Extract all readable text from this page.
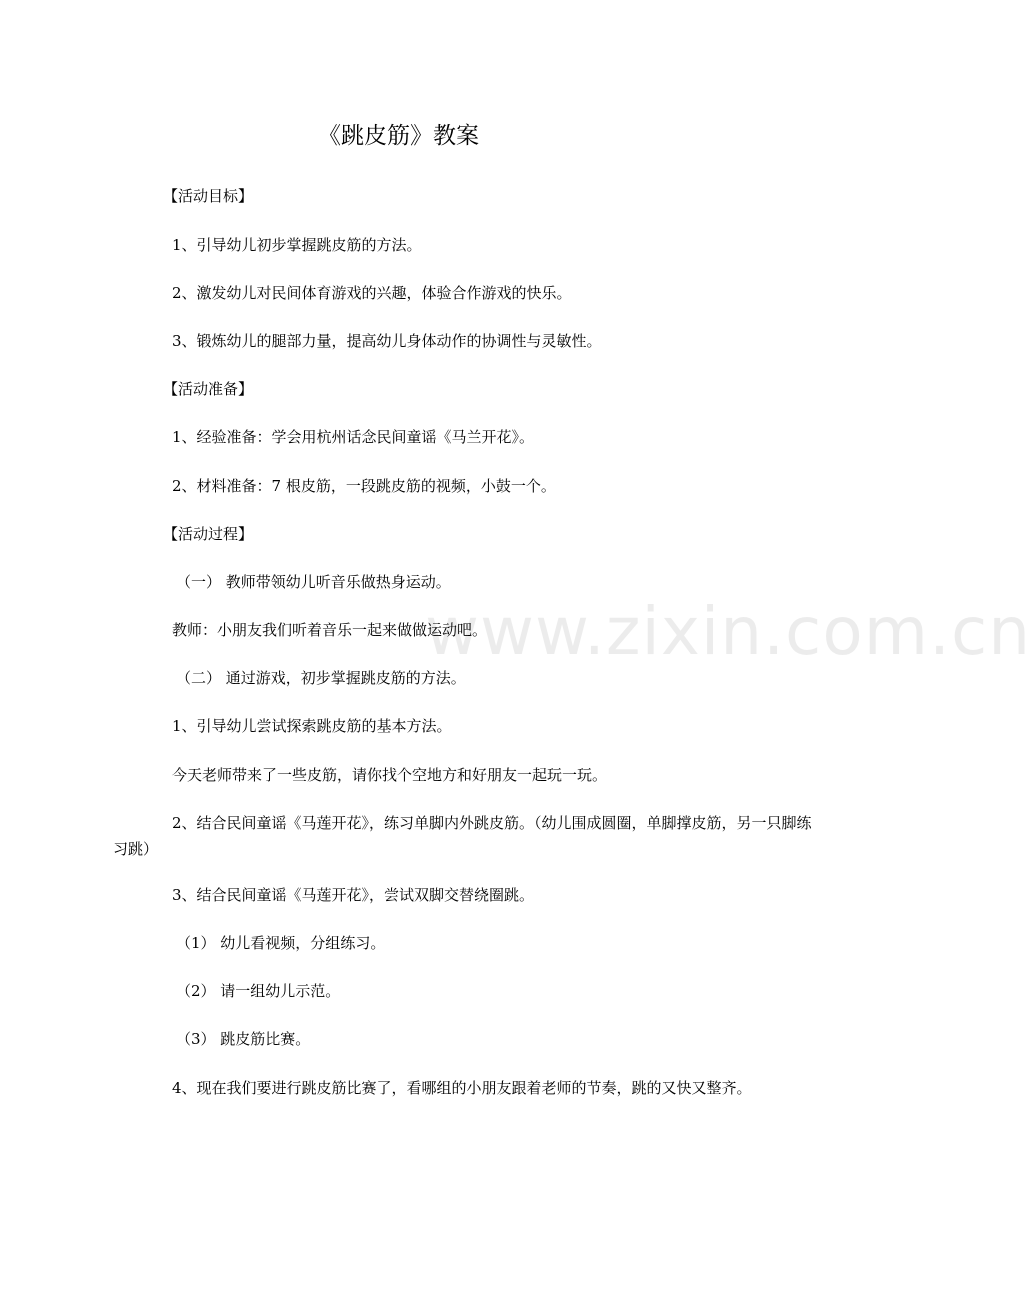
www.zixin.com.cn
《跳皮筋》教案
【活动目标】
1、引导幼儿初步掌握跳皮筋的方法。
2、激发幼儿对民间体育游戏的兴趣，体验合作游戏的快乐。
3、锻炼幼儿的腿部力量，提高幼儿身体动作的协调性与灵敏性。
【活动准备】
1、经验准备：学会用杭州话念民间童谣《马兰开花》。
2、材料准备：7 根皮筋，一段跳皮筋的视频，小鼓一个。
【活动过程】
（一） 教师带领幼儿听音乐做热身运动。
教师：小朋友我们听着音乐一起来做做运动吧。
（二） 通过游戏，初步掌握跳皮筋的方法。
1、引导幼儿尝试探索跳皮筋的基本方法。
今天老师带来了一些皮筋，请你找个空地方和好朋友一起玩一玩。
2、结合民间童谣《马莲开花》，练习单脚内外跳皮筋。（幼儿围成圆圈，单脚撑皮筋，另一只脚练习跳）
3、结合民间童谣《马莲开花》，尝试双脚交替绕圈跳。
（1） 幼儿看视频，分组练习。
（2） 请一组幼儿示范。
（3） 跳皮筋比赛。
4、现在我们要进行跳皮筋比赛了，看哪组的小朋友跟着老师的节奏，跳的又快又整齐。
